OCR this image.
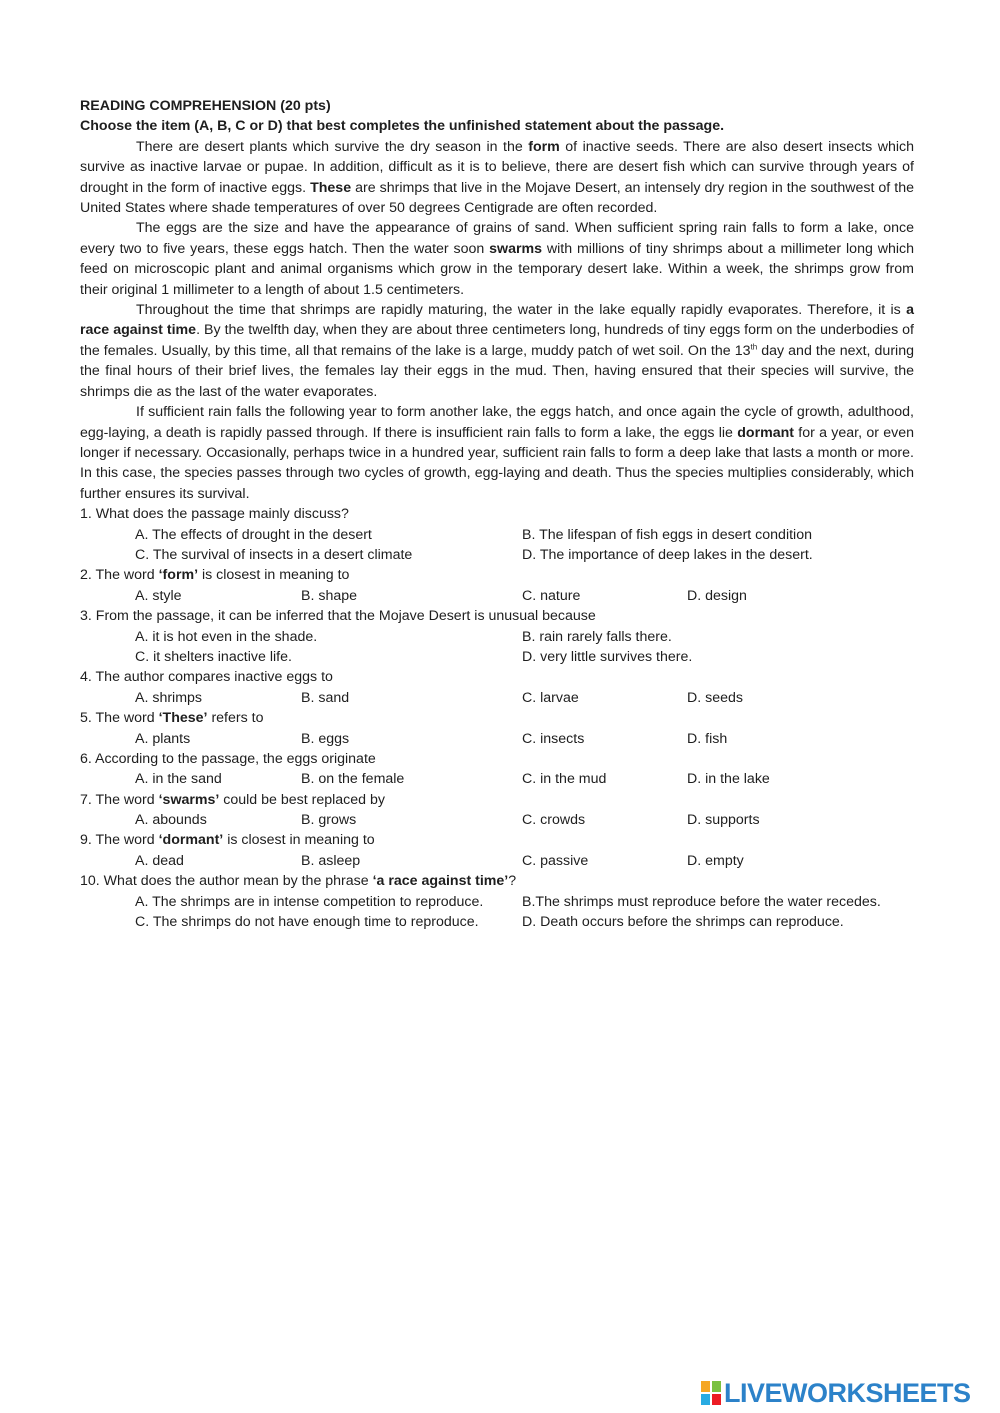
READING COMPREHENSION (20 pts)

Choose the item (A, B, C or D) that best completes the unfinished statement about the passage.

There are desert plants which survive the dry season in the form of inactive seeds. There are also desert insects which survive as inactive larvae or pupae. In addition, difficult as it is to believe, there are desert fish which can survive through years of drought in the form of inactive eggs. These are shrimps that live in the Mojave Desert, an intensely dry region in the southwest of the United States where shade temperatures of over 50 degrees Centigrade are often recorded.

The eggs are the size and have the appearance of grains of sand. When sufficient spring rain falls to form a lake, once every two to five years, these eggs hatch. Then the water soon swarms with millions of tiny shrimps about a millimeter long which feed on microscopic plant and animal organisms which grow in the temporary desert lake. Within a week, the shrimps grow from their original 1 millimeter to a length of about 1.5 centimeters.

Throughout the time that shrimps are rapidly maturing, the water in the lake equally rapidly evaporates. Therefore, it is a race against time. By the twelfth day, when they are about three centimeters long, hundreds of tiny eggs form on the underbodies of the females. Usually, by this time, all that remains of the lake is a large, muddy patch of wet soil. On the 13th day and the next, during the final hours of their brief lives, the females lay their eggs in the mud. Then, having ensured that their species will survive, the shrimps die as the last of the water evaporates.

If sufficient rain falls the following year to form another lake, the eggs hatch, and once again the cycle of growth, adulthood, egg-laying, a death is rapidly passed through. If there is insufficient rain falls to form a lake, the eggs lie dormant for a year, or even longer if necessary. Occasionally, perhaps twice in a hundred year, sufficient rain falls to form a deep lake that lasts a month or more. In this case, the species passes through two cycles of growth, egg-laying and death. Thus the species multiplies considerably, which further ensures its survival.

1. What does the passage mainly discuss?

A. The effects of drought in the desert	B. The lifespan of fish eggs in desert condition
C. The survival of insects in a desert climate	D. The importance of deep lakes in the desert.

2. The word ‘form’ is closest in meaning to

A. style	B. shape	C. nature	D. design

3. From the passage, it can be inferred that the Mojave Desert is unusual because

A. it is hot even in the shade.	B. rain rarely falls there.
C. it shelters inactive life.	D. very little survives there.

4. The author compares inactive eggs to

A. shrimps	B. sand	C. larvae	D. seeds

5. The word ‘These’ refers to

A. plants	B. eggs	C. insects	D. fish

6. According to the passage, the eggs originate

A. in the sand	B. on the female	C. in the mud	D. in the lake

7. The word ‘swarms’ could be best replaced by

A. abounds	B. grows	C. crowds	D. supports

9. The word ‘dormant’ is closest in meaning to

A. dead	B. asleep	C. passive	D. empty

10. What does the author mean by the phrase ‘a race against time’?

A. The shrimps are in intense competition to reproduce.	B.The shrimps must reproduce before the water recedes.
C. The shrimps do not have enough time to reproduce.	D. Death occurs before the shrimps can reproduce.
LIVEWORKSHEETS
